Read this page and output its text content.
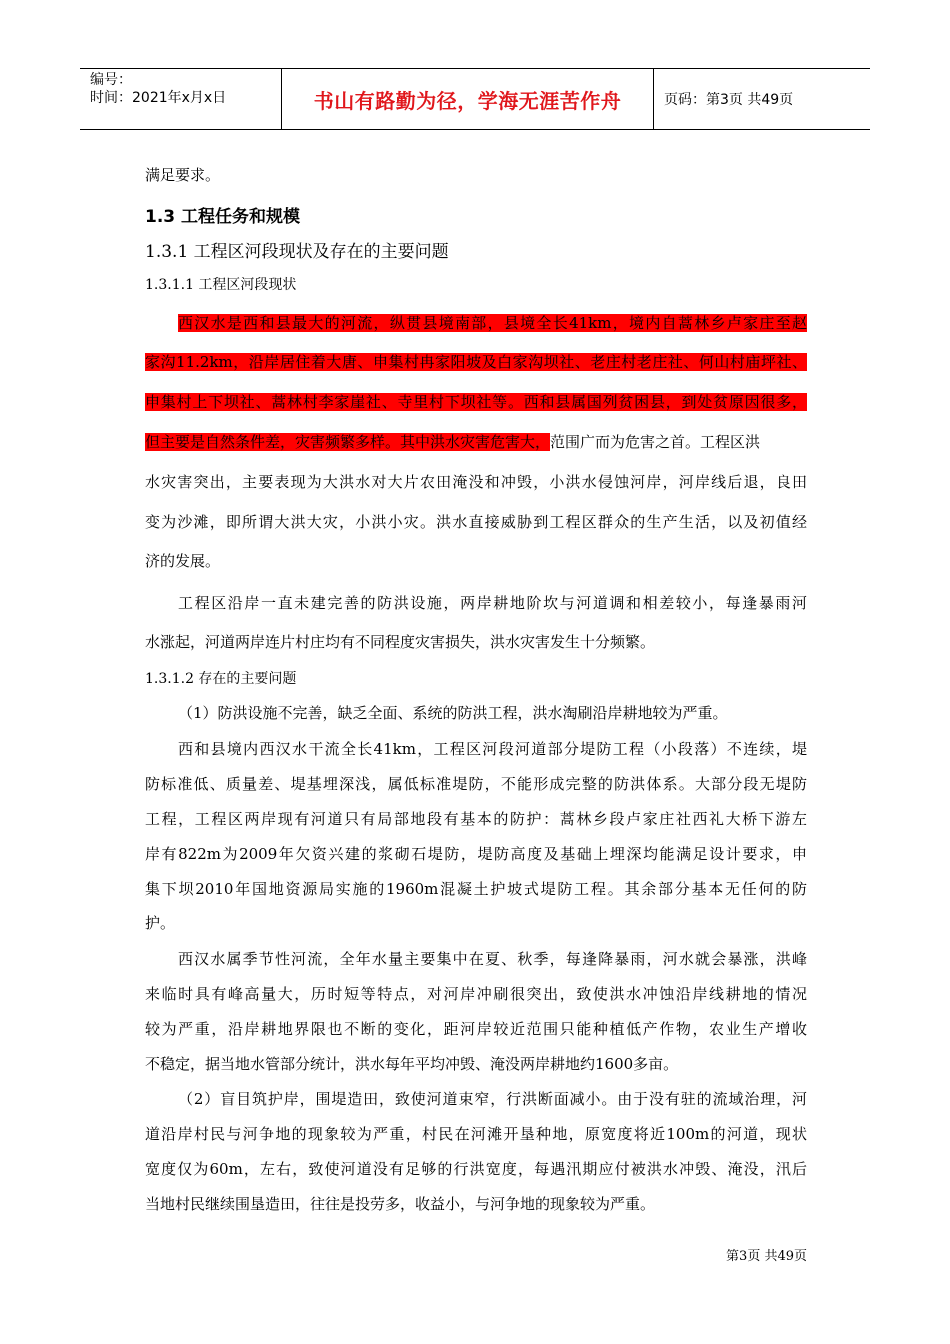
编号：
时间：2021年x月x日	书山有路勤为径，学海无涯苦作舟	页码：第3页 共49页
满足要求。
1.3 工程任务和规模
1.3.1 工程区河段现状及存在的主要问题
1.3.1.1 工程区河段现状
西汉水是西和县最大的河流，纵贯县境南部，县境全长41km，境内自蒿林乡卢家庄至赵
家沟11.2km，沿岸居住着大唐、申集村冉家阳坡及白家沟坝社、老庄村老庄社、何山村庙坪社、
申集村上下坝社、蒿林村李家崖社、寺里村下坝社等。西和县属国列贫困县，到处贫原因很多，
但主要是自然条件差，灾害频繁多样。其中洪水灾害危害大，范围广而为危害之首。工程区洪
水灾害突出，主要表现为大洪水对大片农田淹没和冲毁，小洪水侵蚀河岸，河岸线后退，良田
变为沙滩，即所谓大洪大灾，小洪小灾。洪水直接威胁到工程区群众的生产生活，以及初值经
济的发展。
工程区沿岸一直未建完善的防洪设施，两岸耕地阶坎与河道调和相差较小，每逢暴雨河
水涨起，河道两岸连片村庄均有不同程度灾害损失，洪水灾害发生十分频繁。
1.3.1.2 存在的主要问题
（1）防洪设施不完善，缺乏全面、系统的防洪工程，洪水淘刷沿岸耕地较为严重。
西和县境内西汉水干流全长41km，工程区河段河道部分堤防工程（小段落）不连续，堤
防标准低、质量差、堤基埋深浅，属低标准堤防，不能形成完整的防洪体系。大部分段无堤防
工程，工程区两岸现有河道只有局部地段有基本的防护：蒿林乡段卢家庄社西礼大桥下游左
岸有822m为2009年欠资兴建的浆砌石堤防，堤防高度及基础上埋深均能满足设计要求，申
集下坝2010年国地资源局实施的1960m混凝土护坡式堤防工程。其余部分基本无任何的防
护。
西汉水属季节性河流，全年水量主要集中在夏、秋季，每逢降暴雨，河水就会暴涨，洪峰
来临时具有峰高量大，历时短等特点，对河岸冲刷很突出，致使洪水冲蚀沿岸线耕地的情况
较为严重，沿岸耕地界限也不断的变化，距河岸较近范围只能种植低产作物，农业生产增收
不稳定，据当地水管部分统计，洪水每年平均冲毁、淹没两岸耕地约1600多亩。
（2）盲目筑护岸，围堤造田，致使河道束窄，行洪断面减小。由于没有驻的流域治理，河
道沿岸村民与河争地的现象较为严重，村民在河滩开垦种地，原宽度将近100m的河道，现状
宽度仅为60m，左右，致使河道没有足够的行洪宽度，每遇汛期应付被洪水冲毁、淹没，汛后
当地村民继续围垦造田，往往是投劳多，收益小，与河争地的现象较为严重。
第3页 共49页
